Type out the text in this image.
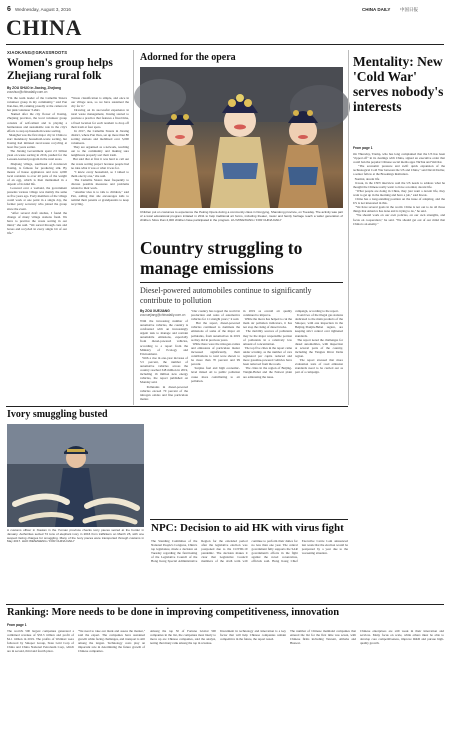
6 Wednesday, August 3, 2016	CHINA DAILY 中国日报
CHINA
XIAOKANG@GRASSROOTS
Women's group helps Zhejiang rural folk
By ZOU SHUO in Jiaxing, Zhejiang
zoushuo@chinadaily.com.cn
"I'm the team leader of the Camellia Sisters volunteer group in my community," said Pan Jian-hua, 68, ranking proudly at the camera in her pink volunteer T-shirt.
Named after the city flower of Jiaxing, Zhejiang province, the local volunteer group consists of self-reliant and is playing a harmonious and sustainable role in the city's efforts to step up household-waste sorting.
Shanghai was the first major city in China to start mandatory household-waste sorting, but Jiaxing had initiated rural-waste recycling at least five years earlier.
The Jiaxing Government spent 2.5 billion yuan on waste sorting in 2016, pushed for the Lessons-learned program in the rural areas.
Zhejiang village, southwest of downtown Jiaxing, is famous for producing silk. By means of house appliances and now 4,000 local residents to over 40 pairs of the weight of an egg, which is then maintained in a deposit of its kind life.
Lowered over a wetland, the government presents various village was mainly the same as five years ago. Forty members of the village could work at one point in a single day, the former party secretary who joined the group since the event.
"After several draft studies, I found the change of many village stations fresh. We have to practice the waste sorting in our mind," she said. "We sorted through cans and boxes and recycled in every single bit of our life."
"Waste classification is simple, and once in our village area, so we have sustained the city for it."
Drawing on its successful experience in rural waste management, Jiaxing started to promote a practice that features a fixed time, a fixed location for each resident to drop off their trash at four spots.
In 2017, the Camellia Sisters in Jiaxing district, where Pan lives, set up more than 80 sorting stations and mobilised over 5,000 volunteers.
They are organised as a network, reaching out to the community and making sure neighbours properly sort their trash.
But said that at first it was hard to call out the waste sorting project because people had no idea what it was or what it was for.
"I knew every household, so I talked to them one by one," she said.
The Camellia Sisters meet frequently to discuss possible measures and problems related to their work.
"Another idea is to talk to children," said Pan, adding that she encourages kids to remind their parents or grandparents to keep recycling.
Adorned for the opera
Children put on costumes to experience the Peking Opera during a community class in Dongying, Shandong province, on Tuesday. The activity was part of a local educational program initiated in 2011 to help traditional art forms, including theater, music and family heritage reach a wider generation of children. More than 2,000 children have participated in the program. LIU MINGXIANG / FOR CHINA DAILY
Country struggling to manage emissions
Diesel-powered automobiles continue to significantly contribute to pollution
By ZOU XUEJIANG
zouxuejiang@chinadaily.com.cn
With the increasing number of automotive vehicles, the country is confronted with an increasingly urgent task to manage and restrain automobile emissions, especially from diesel-powered vehicles, according to a report from the Ministry of Ecology and Environment.
With a rise in one-year increase of 5.5 percent, the number of automotive vehicles across the country reached 348 million in 2019, including 16 million new energy vehicles, the report published on Monday said.
Pollutants in diesel-powered vehicles exceed 70 percent of the nitrogen oxides and fine particulate matter.
"Our country has topped the world in production and sales of automotive vehicles for 11 straight years," it said.
But the report, diesel-powered vehicles continued to dominate the emissions of some of the major air pollutants, from automotives in 2019 as they did in previous years.
While there were the nitrogen oxides and emissions of particulate matter increased significantly, their contributions to total were shown to be more than 70 percent and 99 percent.
Surplus fuel and high economic-level mixed oil to public pollution cause more contributing to air pollution.
in 2019 as overall air quality continued to improve.
While the move has helped to cut the main air pollution indicators, it has not stop the rising of diesel trucks.
The mobility sources of pollutants may be the major responsible portion of pollutants in a relatively low amount of concentration.
The top five cities in the report came under scrutiny, as the number of cars registered per capita reduced and more gasoline-powered vehicles have been removed from the roads.
The cities in the region of Beijing-Tianjin-Hebei and the Fenwei plain are addressing the issue.
campaign, according to the report.
It said two of the illegal gas stations dedicated to the main products of the Sinopec, with one inspection in the Beijing-Tianjin-Hebei region, are keeping strict control over tightened standards.
The report noted the challenges for diesel automobiles, with inspection at several parts of the country, including the Yangtze River Delta region.
The report stressed that more evaluation tests of road emission standards need to be carried out as part of a campaign.
Mentality: New 'Cold War' serves nobody's interests
From page 1
On Thursday, Trump, who has long complained that the US has been "ripped off" in its dealings with China, signed an executive order that could ban the popular Chinese social media apps TikTok and WeChat.
"The economic pressure and swift quick expansion of the technological Cold War between the US and China," said David Dollar, a senior fellow at the Brookings Institution.
Normal, decent life
Kwok, in the CNN interview said the US needs to address what he thought the Chinese really want: to have a normal, decent life.
"What people are doing in China, they just want a decent life, they want to get up in the morning and have a job," said Kwok.
China has a long-standing position on the issue of adapting, and the US is not interested in this.
"We have several goals in the world. China is not out to do all those things that America has done and is trying to do," he said.
"We should work on our own policies, on our own strengths, and focus on cooperation," he said. "We should get out of our mind that China is an enemy."
Ivory smuggling busted
A customs officer in Xiaolan in the Yunnan province checks ivory pieces seized at the border in January. Authorities seized 74 tons of elephant ivory in 2016 from traffickers on March 26, with one suspect facing charges for smuggling. Many of the ivory pieces were transported through customs in May 2017. HAO WENZHENG / FOR CHINA DAILY
NPC: Decision to aid HK with virus fight
The Standing Committee of the National People's Congress, China's top legislature, made a decision on Tuesday regarding the functioning of the Legislative Council of the Hong Kong Special Administrative Region for the extended period after the legislative election was postponed due to the COVID-19 pandemic. The decision makes it clear that Legislative Council members of the sixth term will continue to perform their duties for no less than one year. The central government fully supports the SAR government's efforts in the fight against the novel coronavirus, officials said. Hong Kong Chief Executive Carrie Lam announced last week that the election would be postponed by a year due to the worsening situation.
Ranking: More needs to be done in improving competitiveness, innovation
From page 1
The world's 500 largest companies generated a combined revenue of $33.3 trillion and profit of $2.1 trillion in 2019. The profits of Walmart were followed by Sinopec Group, State Grid Corp of China and China National Petroleum Corp, which are in second, third and fourth place.
"We need to take our mark and assess the market," said the expert. The companies have sustained growth while facing challenges, and transport is still among the largest. Technology costs play an important role in determining the future growth of Chinese companies.
Among the top 50 of Fortune Global 500 companies in the list, the companies most likely to move up are Chinese companies, said the analyst, noting that many rank among the top in revenue.
Investment in technology and innovation is a key factor that will help Chinese companies remain competitive in the future, the report noted.
The number of Chinese mainland companies that entered the list for the first time was seven, with Chinese firms including Tencent, Alibaba and Huawei.
Chinese enterprises are still weak in their innovation and services. Many focus on scale, while others must be able to develop core competitiveness, improve R&D and pursue high-quality growth.
